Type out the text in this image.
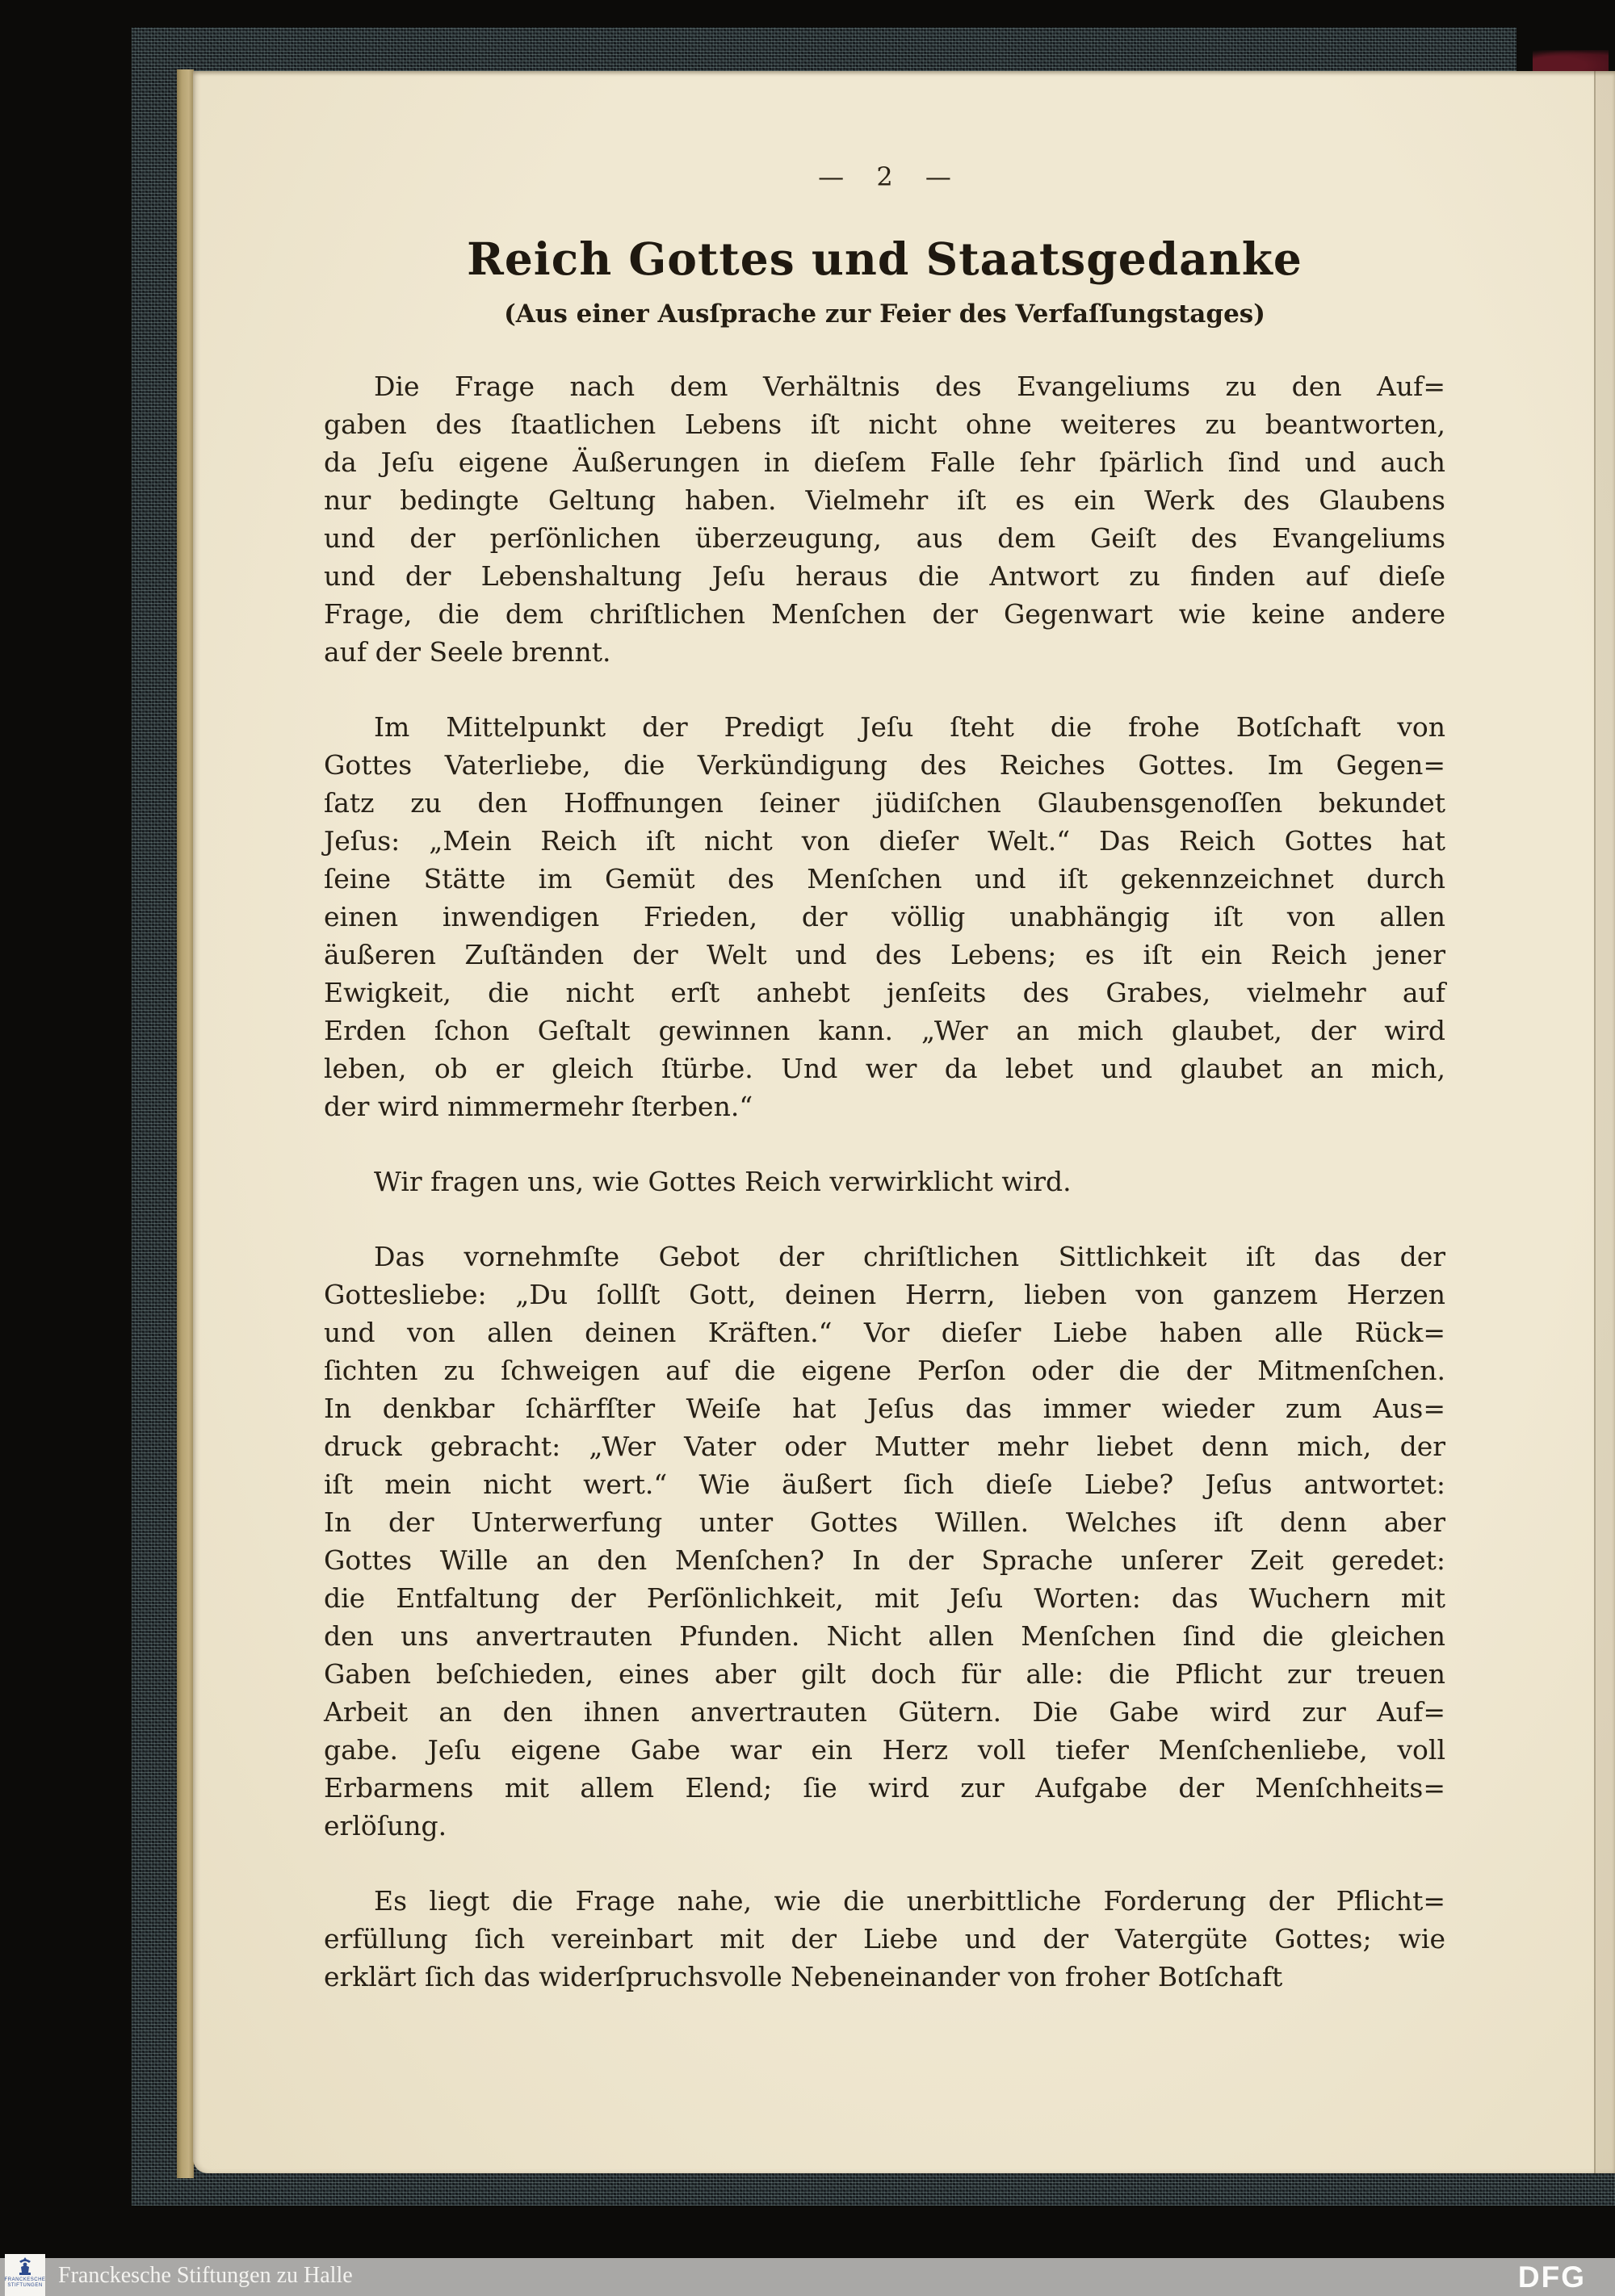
— 2 —
Reich Gottes und Staatsgedanke
(Aus einer Ausſprache zur Feier des Verfaſſungstages)
Die Frage nach dem Verhältnis des Evangeliums zu den Auf=
gaben des ſtaatlichen Lebens iſt nicht ohne weiteres zu beantworten,
da Jeſu eigene Äußerungen in dieſem Falle ſehr ſpärlich ſind und auch
nur bedingte Geltung haben. Vielmehr iſt es ein Werk des Glaubens
und der perſönlichen überzeugung, aus dem Geiſt des Evangeliums
und der Lebenshaltung Jeſu heraus die Antwort zu finden auf dieſe
Frage, die dem chriſtlichen Menſchen der Gegenwart wie keine andere
auf der Seele brennt.
Im Mittelpunkt der Predigt Jeſu ſteht die frohe Botſchaft von
Gottes Vaterliebe, die Verkündigung des Reiches Gottes. Im Gegen=
ſatz zu den Hoffnungen ſeiner jüdiſchen Glaubensgenoſſen bekundet
Jeſus: „Mein Reich iſt nicht von dieſer Welt.“ Das Reich Gottes hat
ſeine Stätte im Gemüt des Menſchen und iſt gekennzeichnet durch
einen inwendigen Frieden, der völlig unabhängig iſt von allen
äußeren Zuſtänden der Welt und des Lebens; es iſt ein Reich jener
Ewigkeit, die nicht erſt anhebt jenſeits des Grabes, vielmehr auf
Erden ſchon Geſtalt gewinnen kann. „Wer an mich glaubet, der wird
leben, ob er gleich ſtürbe. Und wer da lebet und glaubet an mich,
der wird nimmermehr ſterben.“
Wir fragen uns, wie Gottes Reich verwirklicht wird.
Das vornehmſte Gebot der chriſtlichen Sittlichkeit iſt das der
Gottesliebe: „Du ſollſt Gott, deinen Herrn, lieben von ganzem Herzen
und von allen deinen Kräften.“ Vor dieſer Liebe haben alle Rück=
ſichten zu ſchweigen auf die eigene Perſon oder die der Mitmenſchen.
In denkbar ſchärfſter Weiſe hat Jeſus das immer wieder zum Aus=
druck gebracht: „Wer Vater oder Mutter mehr liebet denn mich, der
iſt mein nicht wert.“ Wie äußert ſich dieſe Liebe? Jeſus antwortet:
In der Unterwerfung unter Gottes Willen. Welches iſt denn aber
Gottes Wille an den Menſchen? In der Sprache unſerer Zeit geredet:
die Entfaltung der Perſönlichkeit, mit Jeſu Worten: das Wuchern mit
den uns anvertrauten Pfunden. Nicht allen Menſchen ſind die gleichen
Gaben beſchieden, eines aber gilt doch für alle: die Pflicht zur treuen
Arbeit an den ihnen anvertrauten Gütern. Die Gabe wird zur Auf=
gabe. Jeſu eigene Gabe war ein Herz voll tiefer Menſchenliebe, voll
Erbarmens mit allem Elend; ſie wird zur Aufgabe der Menſchheits=
erlöſung.
Es liegt die Frage nahe, wie die unerbittliche Forderung der Pflicht=
erfüllung ſich vereinbart mit der Liebe und der Vatergüte Gottes; wie
erklärt ſich das widerſpruchsvolle Nebeneinander von froher Botſchaft
FRANCKESCHE
STIFTUNGEN Franckesche Stiftungen zu Halle	DFG
